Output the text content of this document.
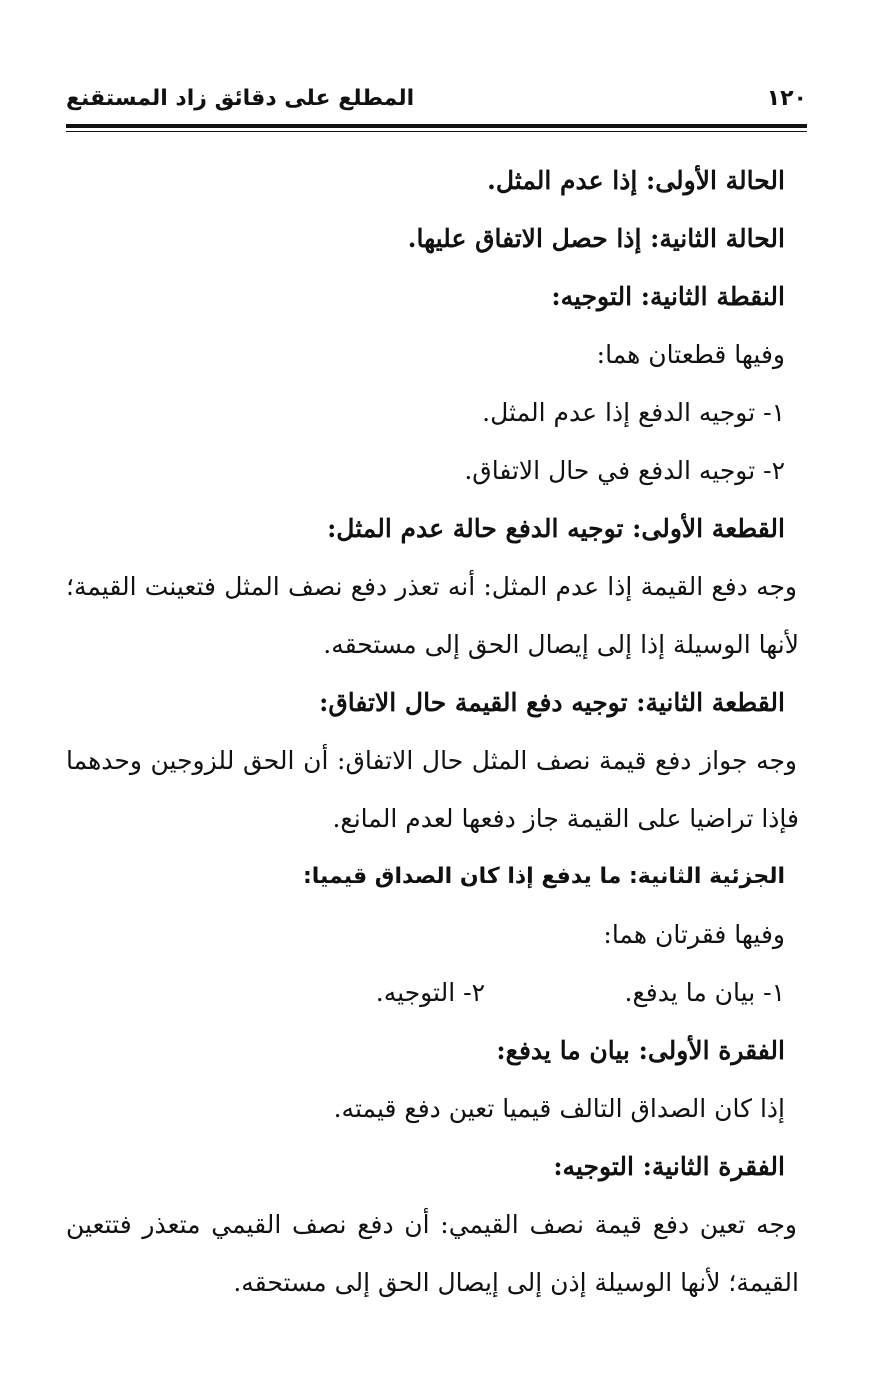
١٢٠
المطلع على دقائق زاد المستقنع
الحالة الأولى: إذا عدم المثل.
الحالة الثانية: إذا حصل الاتفاق عليها.
النقطة الثانية: التوجيه:
وفيها قطعتان هما:
١- توجيه الدفع إذا عدم المثل.
٢- توجيه الدفع في حال الاتفاق.
القطعة الأولى: توجيه الدفع حالة عدم المثل:
وجه دفع القيمة إذا عدم المثل: أنه تعذر دفع نصف المثل فتعينت القيمة؛
لأنها الوسيلة إذا إلى إيصال الحق إلى مستحقه.
القطعة الثانية: توجيه دفع القيمة حال الاتفاق:
وجه جواز دفع قيمة نصف المثل حال الاتفاق: أن الحق للزوجين وحدهما
فإذا تراضيا على القيمة جاز دفعها لعدم المانع.
الجزئية الثانية: ما يدفع إذا كان الصداق قيميا:
وفيها فقرتان هما:
١- بيان ما يدفع.
٢- التوجيه.
الفقرة الأولى: بيان ما يدفع:
إذا كان الصداق التالف قيميا تعين دفع قيمته.
الفقرة الثانية: التوجيه:
وجه تعين دفع قيمة نصف القيمي: أن دفع نصف القيمي متعذر فتتعين
القيمة؛ لأنها الوسيلة إذن إلى إيصال الحق إلى مستحقه.
